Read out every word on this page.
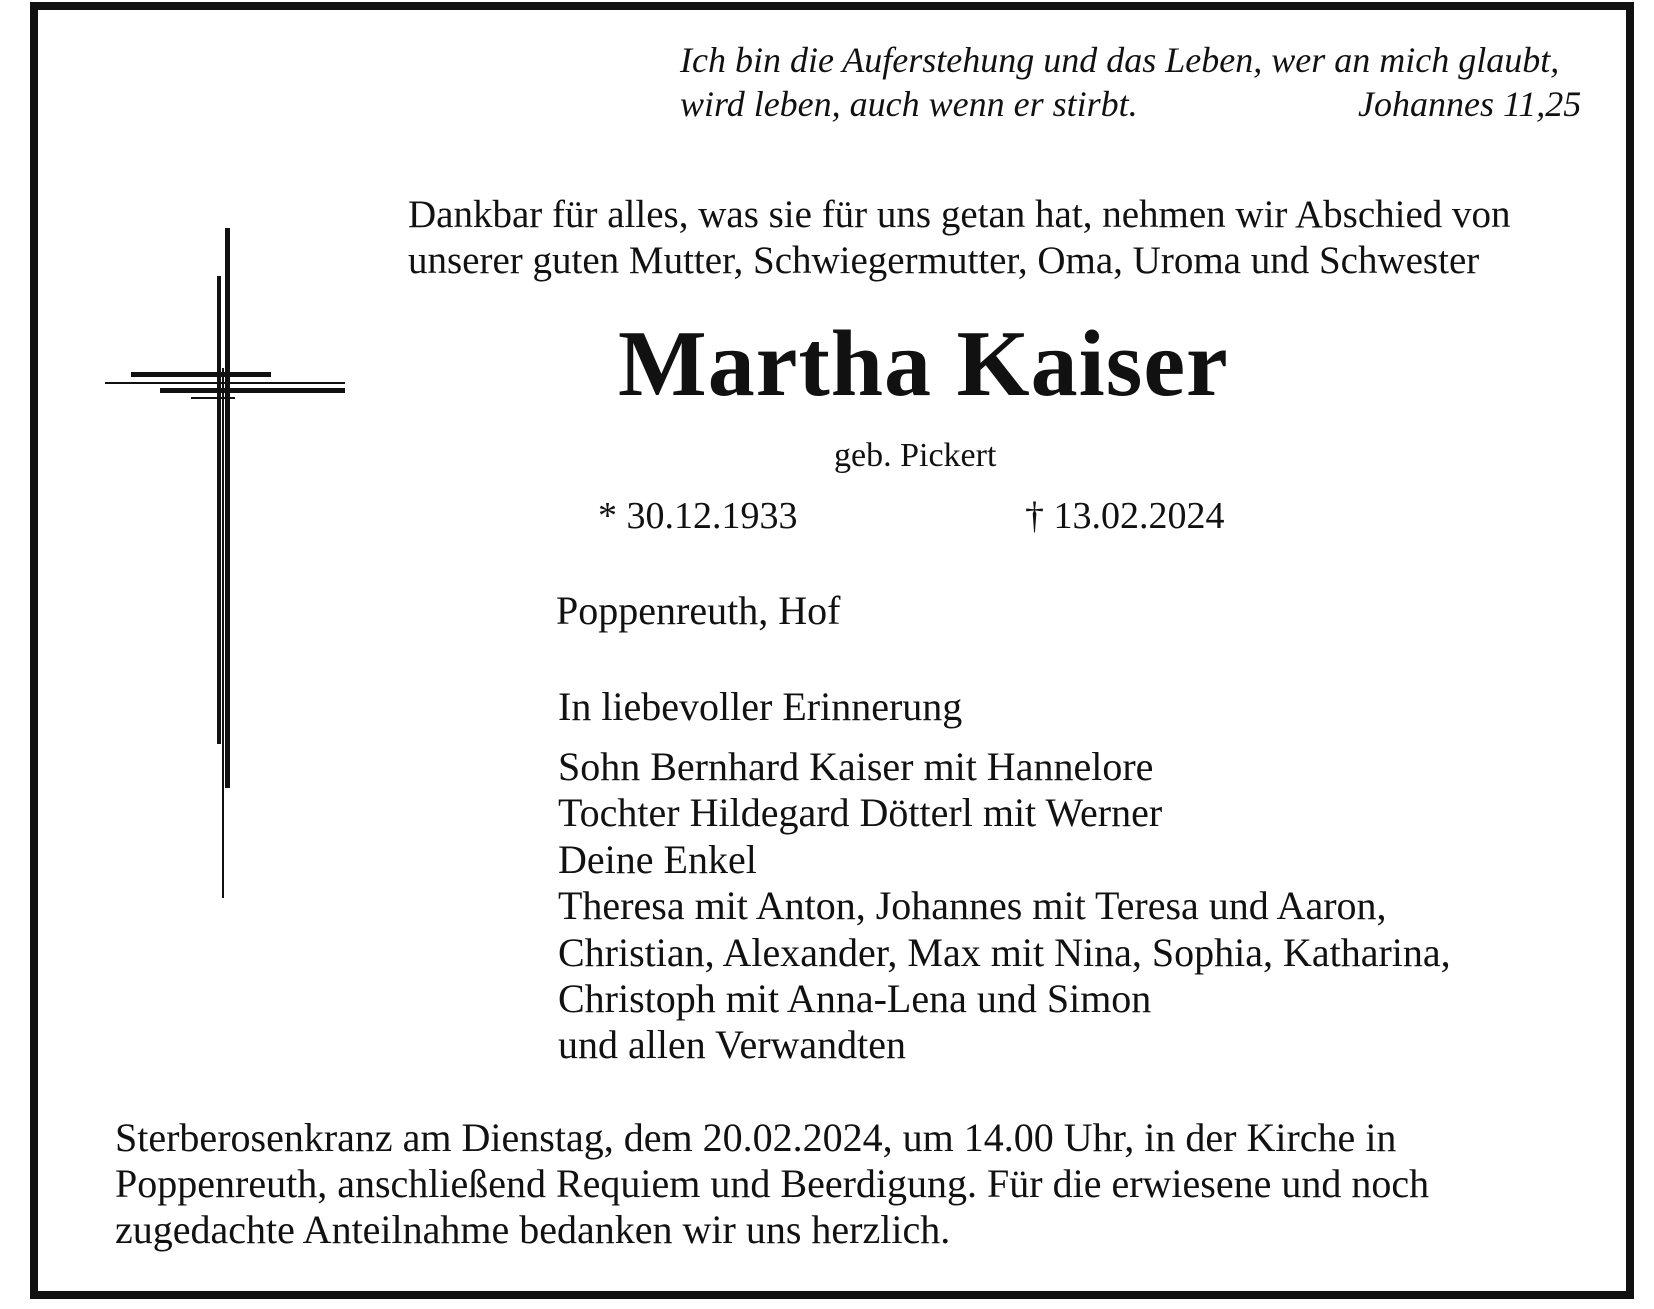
Ich bin die Auferstehung und das Leben, wer an mich glaubt,
wird leben, auch wenn er stirbt.	Johannes 11,25
Dankbar für alles, was sie für uns getan hat, nehmen wir Abschied von
unserer guten Mutter, Schwiegermutter, Oma, Uroma und Schwester
Martha Kaiser
geb. Pickert
* 30.12.1933	† 13.02.2024
Poppenreuth, Hof
In liebevoller Erinnerung
Sohn Bernhard Kaiser mit Hannelore
Tochter Hildegard Dötterl mit Werner
Deine Enkel
Theresa mit Anton, Johannes mit Teresa und Aaron,
Christian, Alexander, Max mit Nina, Sophia, Katharina,
Christoph mit Anna-Lena und Simon
und allen Verwandten
Sterberosenkranz am Dienstag, dem 20.02.2024, um 14.00 Uhr, in der Kirche in
Poppenreuth, anschließend Requiem und Beerdigung. Für die erwiesene und noch
zugedachte Anteilnahme bedanken wir uns herzlich.
